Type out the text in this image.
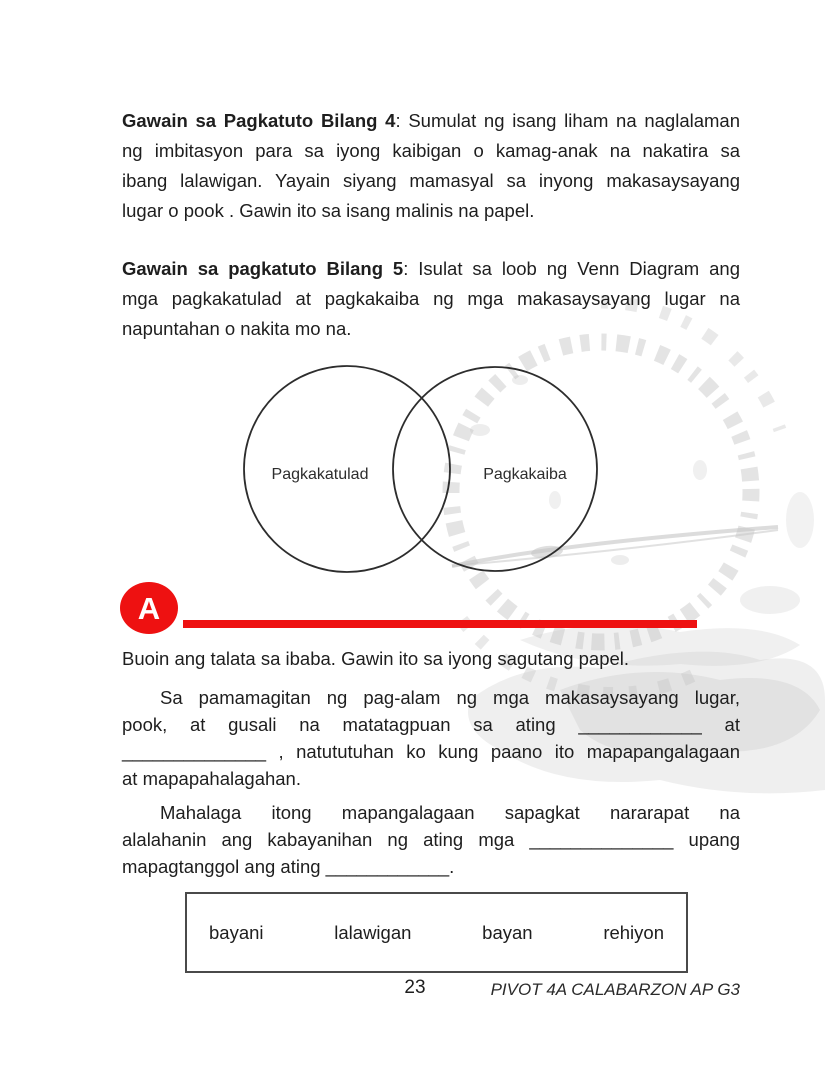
Gawain sa Pagkatuto Bilang 4: Sumulat ng isang liham na naglalaman
ng imbitasyon para sa iyong kaibigan o kamag-anak na nakatira sa
ibang lalawigan. Yayain siyang mamasyal sa inyong makasaysayang
lugar o pook . Gawin ito sa isang malinis na papel.
Gawain sa pagkatuto Bilang 5: Isulat sa loob ng Venn Diagram ang
mga pagkakatulad at pagkakaiba ng mga makasaysayang lugar na
napuntahan o nakita mo na.
Pagkakatulad	Pagkakaiba
A
Buoin ang talata sa ibaba. Gawin ito sa iyong sagutang papel.
Sa pamamagitan ng pag-alam ng mga makasaysayang lugar,
pook, at gusali na matatagpuan sa ating ____________ at
______________ , natututuhan ko kung paano ito mapapangalagaan
at mapapahalagahan.
Mahalaga itong mapangalagaan sapagkat nararapat na
alalahanin ang kabayanihan ng ating mga ______________ upang
mapagtanggol ang ating ____________.
bayani	lalawigan	bayan	rehiyon
23	PIVOT 4A CALABARZON AP G3
